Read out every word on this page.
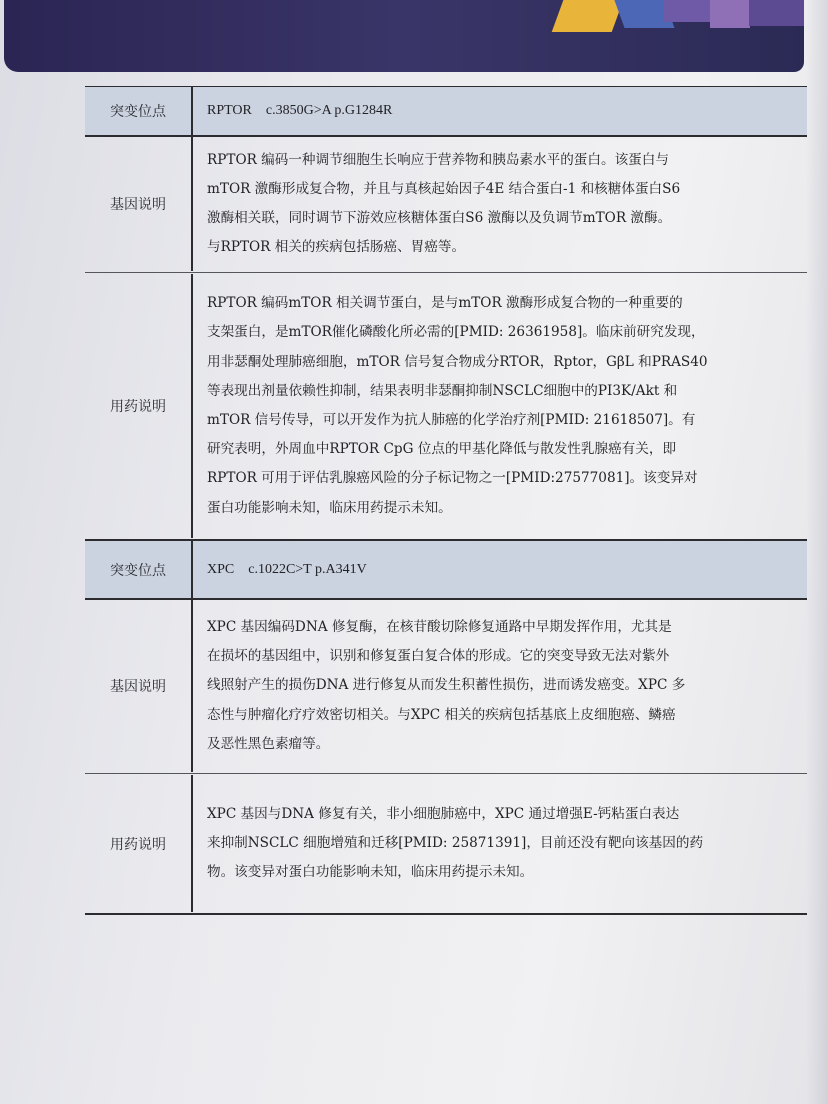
突变位点	RPTOR    c.3850G>A p.G1284R

基因说明

RPTOR 编码一种调节细胞生长响应于营养物和胰岛素水平的蛋白。该蛋白与

mTOR 激酶形成复合物，并且与真核起始因子4E 结合蛋白-1 和核糖体蛋白S6

激酶相关联，同时调节下游效应核糖体蛋白S6 激酶以及负调节mTOR 激酶。

与RPTOR 相关的疾病包括肠癌、胃癌等。

用药说明

RPTOR 编码mTOR 相关调节蛋白，是与mTOR 激酶形成复合物的一种重要的

支架蛋白，是mTOR催化磷酸化所必需的[PMID: 26361958]。临床前研究发现，

用非瑟酮处理肺癌细胞，mTOR 信号复合物成分RTOR，Rptor，GβL 和PRAS40

等表现出剂量依赖性抑制，结果表明非瑟酮抑制NSCLC细胞中的PI3K/Akt 和

mTOR 信号传导，可以开发作为抗人肺癌的化学治疗剂[PMID: 21618507]。有

研究表明，外周血中RPTOR CpG 位点的甲基化降低与散发性乳腺癌有关，即

RPTOR 可用于评估乳腺癌风险的分子标记物之一[PMID:27577081]。该变异对

蛋白功能影响未知，临床用药提示未知。

突变位点	XPC    c.1022C>T p.A341V

基因说明

XPC 基因编码DNA 修复酶，在核苷酸切除修复通路中早期发挥作用，尤其是

在损坏的基因组中，识别和修复蛋白复合体的形成。它的突变导致无法对紫外

线照射产生的损伤DNA 进行修复从而发生积蓄性损伤，进而诱发癌变。XPC 多

态性与肿瘤化疗疗效密切相关。与XPC 相关的疾病包括基底上皮细胞癌、鳞癌

及恶性黑色素瘤等。

用药说明

XPC 基因与DNA 修复有关，非小细胞肺癌中，XPC 通过增强E-钙粘蛋白表达

来抑制NSCLC 细胞增殖和迁移[PMID: 25871391]，目前还没有靶向该基因的药

物。该变异对蛋白功能影响未知，临床用药提示未知。
